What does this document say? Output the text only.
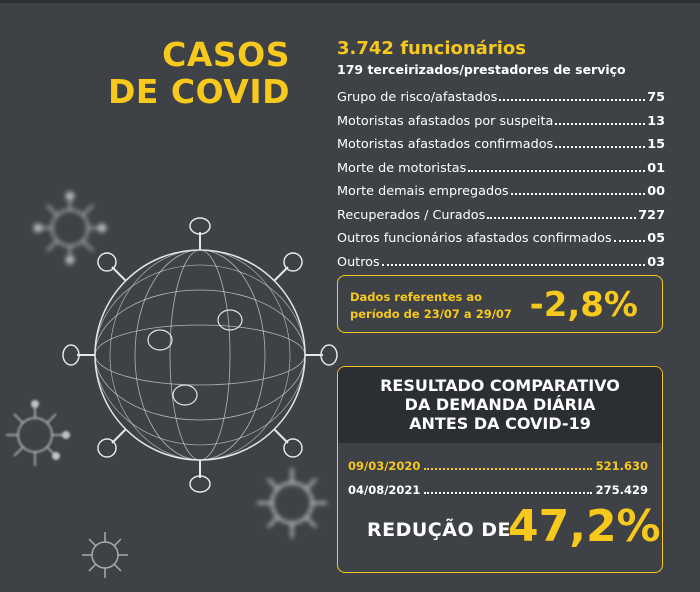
CASOS
DE COVID
3.742 funcionários
179 terceirizados/prestadores de serviço
Grupo de risco/afastados	75
Motoristas afastados por suspeita	13
Motoristas afastados confirmados	15
Morte de motoristas	01
Morte demais empregados	00
Recuperados / Curados	727
Outros funcionários afastados confirmados	05
Outros	03
Dados referentes ao
período de 23/07 a 29/07 -2,8%
RESULTADO COMPARATIVO
DA DEMANDA DIÁRIA
ANTES DA COVID-19
09/03/2020	521.630
04/08/2021	275.429
REDUÇÃO DE
47,2%
